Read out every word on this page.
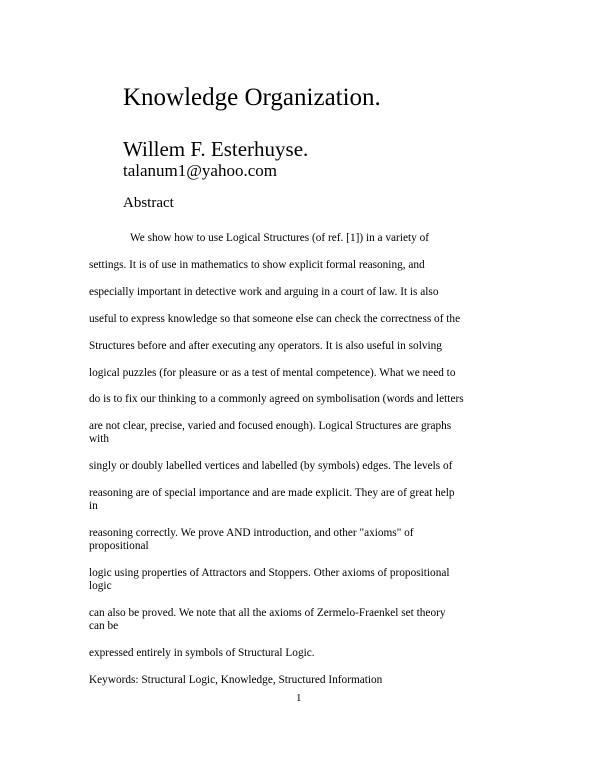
Knowledge Organization.
Willem F. Esterhuyse.
talanum1@yahoo.com
Abstract
We show how to use Logical Structures (of ref. [1]) in a variety of
settings. It is of use in mathematics to show explicit formal reasoning, and
especially important in detective work and arguing in a court of law. It is also
useful to express knowledge so that someone else can check the correctness of the
Structures before and after executing any operators. It is also useful in solving
logical puzzles (for pleasure or as a test of mental competence). What we need to
do is to fix our thinking to a commonly agreed on symbolisation (words and letters
are not clear, precise, varied and focused enough). Logical Structures are graphs
with
singly or doubly labelled vertices and labelled (by symbols) edges. The levels of
reasoning are of special importance and are made explicit. They are of great help
in
reasoning correctly. We prove AND introduction, and other "axioms" of
propositional
logic using properties of Attractors and Stoppers. Other axioms of propositional
logic
can also be proved. We note that all the axioms of Zermelo-Fraenkel set theory
can be
expressed entirely in symbols of Structural Logic.
Keywords: Structural Logic, Knowledge, Structured Information
1
